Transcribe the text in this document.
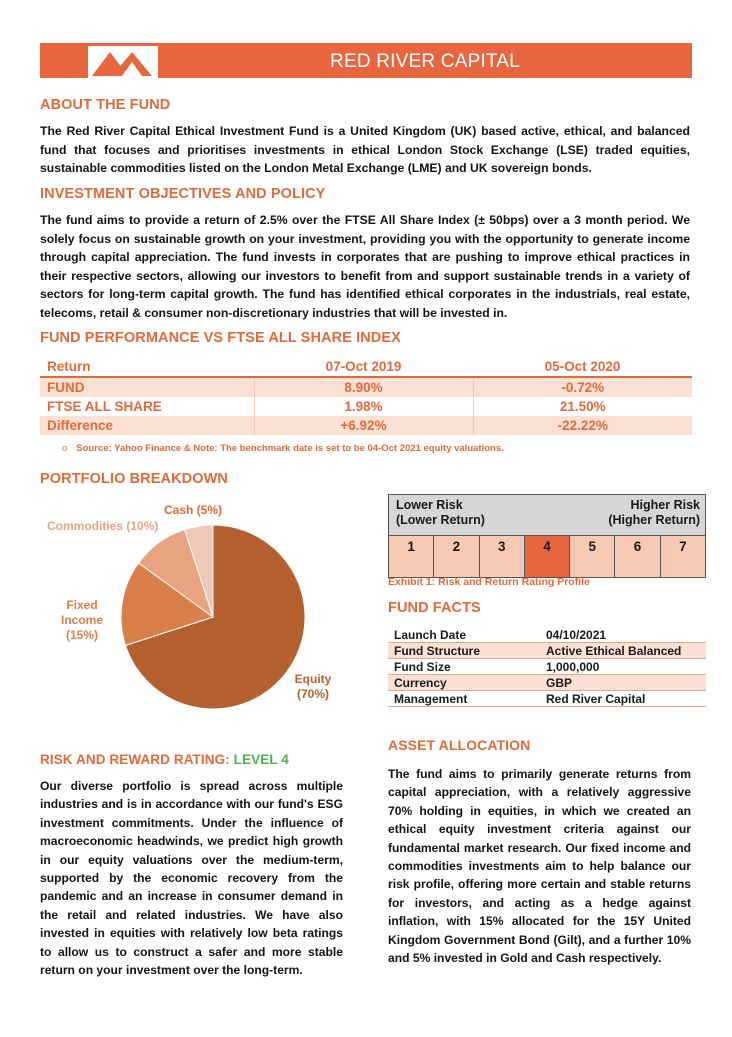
RED RIVER CAPITAL
ABOUT THE FUND
The Red River Capital Ethical Investment Fund is a United Kingdom (UK) based active, ethical, and balanced fund that focuses and prioritises investments in ethical London Stock Exchange (LSE) traded equities, sustainable commodities listed on the London Metal Exchange (LME) and UK sovereign bonds.
INVESTMENT OBJECTIVES AND POLICY
The fund aims to provide a return of 2.5% over the FTSE All Share Index (± 50bps) over a 3 month period. We solely focus on sustainable growth on your investment, providing you with the opportunity to generate income through capital appreciation. The fund invests in corporates that are pushing to improve ethical practices in their respective sectors, allowing our investors to benefit from and support sustainable trends in a variety of sectors for long-term capital growth. The fund has identified ethical corporates in the industrials, real estate, telecoms, retail & consumer non-discretionary industries that will be invested in.
FUND PERFORMANCE VS FTSE ALL SHARE INDEX
Return	07-Oct 2019	05-Oct 2020
FUND	8.90%	-0.72%
FTSE ALL SHARE	1.98%	21.50%
Difference	+6.92%	-22.22%
o Source: Yahoo Finance & Note: The benchmark date is set to be 04-Oct 2021 equity valuations.
PORTFOLIO BREAKDOWN
Cash (5%)
Commodities (10%)
Fixed
Income
(15%)
Equity
(70%)
Lower Risk
(Lower Return)
Higher Risk
(Higher Return)
1	2	3	4	5	6	7
Exhibit 1: Risk and Return Rating Profile
FUND FACTS
Launch Date	04/10/2021
Fund Structure	Active Ethical Balanced
Fund Size	1,000,000
Currency	GBP
Management	Red River Capital
RISK AND REWARD RATING: LEVEL 4
Our diverse portfolio is spread across multiple industries and is in accordance with our fund's ESG investment commitments. Under the influence of macroeconomic headwinds, we predict high growth in our equity valuations over the medium-term, supported by the economic recovery from the pandemic and an increase in consumer demand in the retail and related industries. We have also invested in equities with relatively low beta ratings to allow us to construct a safer and more stable return on your investment over the long-term.
ASSET ALLOCATION
The fund aims to primarily generate returns from capital appreciation, with a relatively aggressive 70% holding in equities, in which we created an ethical equity investment criteria against our fundamental market research. Our fixed income and commodities investments aim to help balance our risk profile, offering more certain and stable returns for investors, and acting as a hedge against inflation, with 15% allocated for the 15Y United Kingdom Government Bond (Gilt), and a further 10% and 5% invested in Gold and Cash respectively.
